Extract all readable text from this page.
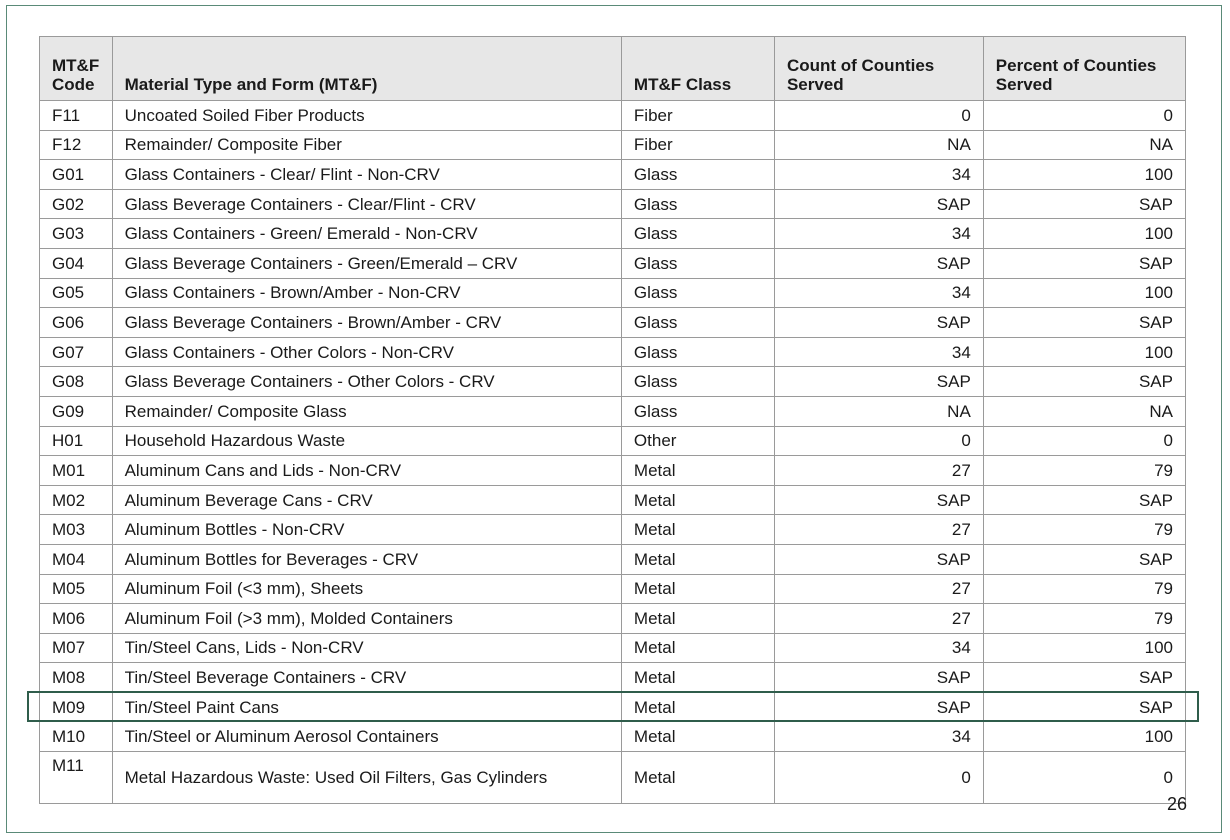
MT&F Code	Material Type and Form (MT&F)	MT&F Class	Count of Counties Served	Percent of Counties Served
F11	Uncoated Soiled Fiber Products	Fiber	0	0
F12	Remainder/ Composite Fiber	Fiber	NA	NA
G01	Glass Containers - Clear/ Flint - Non-CRV	Glass	34	100
G02	Glass Beverage Containers - Clear/Flint - CRV	Glass	SAP	SAP
G03	Glass Containers - Green/ Emerald - Non-CRV	Glass	34	100
G04	Glass Beverage Containers - Green/Emerald – CRV	Glass	SAP	SAP
G05	Glass Containers - Brown/Amber - Non-CRV	Glass	34	100
G06	Glass Beverage Containers - Brown/Amber - CRV	Glass	SAP	SAP
G07	Glass Containers - Other Colors - Non-CRV	Glass	34	100
G08	Glass Beverage Containers - Other Colors - CRV	Glass	SAP	SAP
G09	Remainder/ Composite Glass	Glass	NA	NA
H01	Household Hazardous Waste	Other	0	0
M01	Aluminum Cans and Lids - Non-CRV	Metal	27	79
M02	Aluminum Beverage Cans - CRV	Metal	SAP	SAP
M03	Aluminum Bottles - Non-CRV	Metal	27	79
M04	Aluminum Bottles for Beverages - CRV	Metal	SAP	SAP
M05	Aluminum Foil (<3 mm), Sheets	Metal	27	79
M06	Aluminum Foil (>3 mm), Molded Containers	Metal	27	79
M07	Tin/Steel Cans, Lids - Non-CRV	Metal	34	100
M08	Tin/Steel Beverage Containers - CRV	Metal	SAP	SAP
M09	Tin/Steel Paint Cans	Metal	SAP	SAP
M10	Tin/Steel or Aluminum Aerosol Containers	Metal	34	100
M11	Metal Hazardous Waste: Used Oil Filters, Gas Cylinders	Metal	0	0
26
